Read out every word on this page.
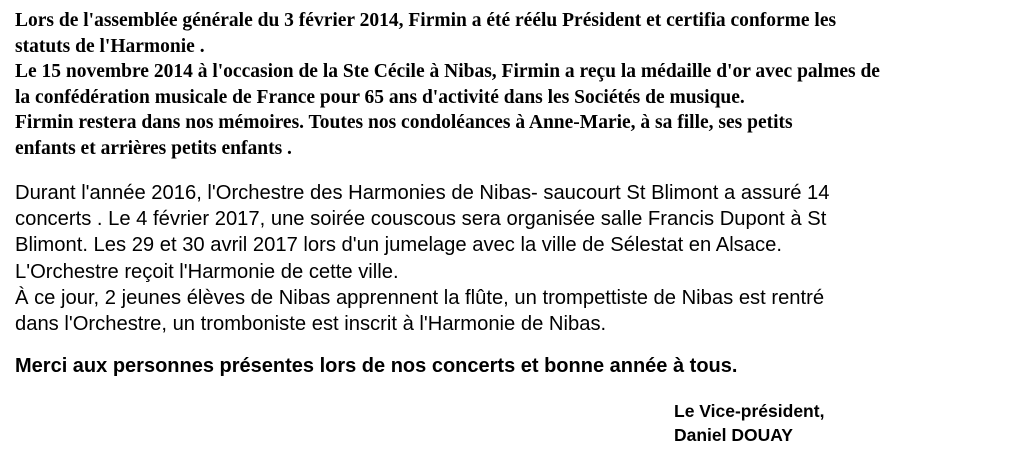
Lors de l'assemblée générale du 3 février 2014, Firmin a été réélu Président et certifia conforme les
statuts de l'Harmonie .
Le 15 novembre 2014 à l'occasion de la Ste Cécile à Nibas, Firmin a reçu la médaille d'or avec palmes de
la confédération musicale de France pour 65 ans d'activité dans les Sociétés de musique.
Firmin restera dans nos mémoires. Toutes nos condoléances à Anne-Marie, à sa fille, ses petits
enfants et arrières petits enfants .
Durant l'année 2016, l'Orchestre des Harmonies de Nibas- saucourt St Blimont a assuré 14
concerts . Le 4 février 2017, une soirée couscous sera organisée salle Francis Dupont à St
Blimont. Les 29 et 30 avril 2017 lors d'un jumelage avec la ville de Sélestat en Alsace.
L'Orchestre reçoit l'Harmonie de cette ville.
À ce jour, 2 jeunes élèves de Nibas apprennent la flûte, un trompettiste de Nibas est rentré
dans l'Orchestre, un tromboniste est inscrit à l'Harmonie de Nibas.
Merci aux personnes présentes lors de nos concerts et bonne année à tous.
Le Vice-président,
Daniel DOUAY
